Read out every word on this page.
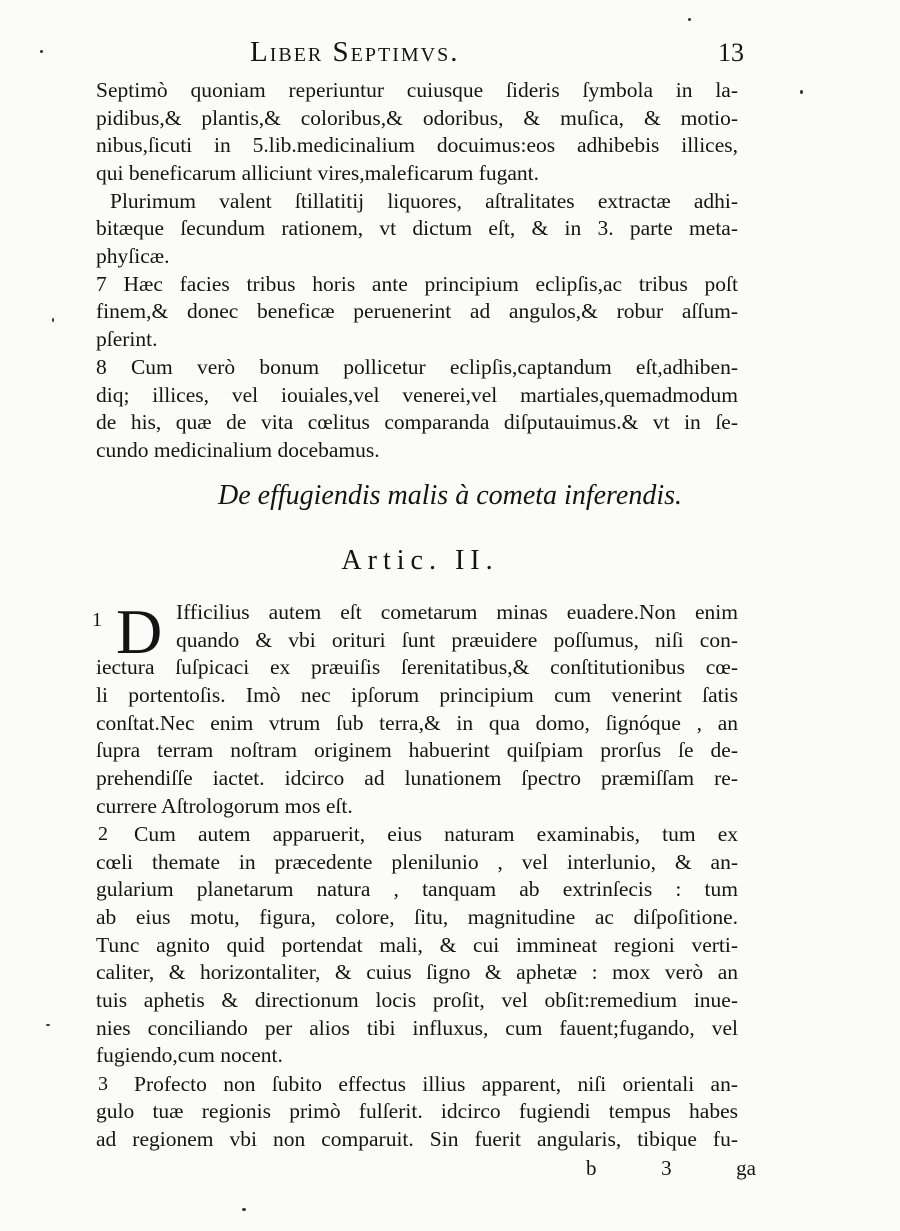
Liber Septimvs.	13
Septimò quoniam reperiuntur cuiusque ſideris ſymbola in la-
pidibus,& plantis,& coloribus,& odoribus, & muſica, & motio-
nibus,ſicuti in 5.lib.medicinalium docuimus:eos adhibebis illices,
qui beneficarum alliciunt vires,maleficarum fugant.
Plurimum valent ſtillatitij liquores, aſtralitates extractæ adhi-
bitæque ſecundum rationem, vt dictum eſt, & in 3. parte meta-
phyſicæ.
7 Hæc facies tribus horis ante principium eclipſis,ac tribus poſt
finem,& donec beneficæ peruenerint ad angulos,& robur aſſum-
pſerint.
8 Cum verò bonum pollicetur eclipſis,captandum eſt,adhiben-
diq; illices, vel iouiales,vel venerei,vel martiales,quemadmodum
de his, quæ de vita cœlitus comparanda diſputauimus.& vt in ſe-
cundo medicinalium docebamus.
De effugiendis malis à cometa inferendis.
Artic. II.
1 D Ifficilius autem eſt cometarum minas euadere.Non enim
quando & vbi orituri ſunt præuidere poſſumus, niſi con-
iectura ſuſpicaci ex præuiſis ſerenitatibus,& conſtitutionibus cœ-
li portentoſis. Imò nec ipſorum principium cum venerint ſatis
conſtat.Nec enim vtrum ſub terra,& in qua domo, ſignóque , an
ſupra terram noſtram originem habuerint quiſpiam prorſus ſe de-
prehendiſſe iactet. idcirco ad lunationem ſpectro præmiſſam re-
currere Aſtrologorum mos eſt.
2 Cum autem apparuerit, eius naturam examinabis, tum ex
cœli themate in præcedente plenilunio , vel interlunio, & an-
gularium planetarum natura , tanquam ab extrinſecis : tum
ab eius motu, figura, colore, ſitu, magnitudine ac diſpoſitione.
Tunc agnito quid portendat mali, & cui immineat regioni verti-
caliter, & horizontaliter, & cuius ſigno & aphetæ : mox verò an
tuis aphetis & directionum locis proſit, vel obſit:remedium inue-
nies conciliando per alios tibi influxus, cum fauent;fugando, vel
fugiendo,cum nocent.
3 Profecto non ſubito effectus illius apparent, niſi orientali an-
gulo tuæ regionis primò fulſerit. idcirco fugiendi tempus habes
ad regionem vbi non comparuit. Sin fuerit angularis, tibique fu-
b	3	ga
